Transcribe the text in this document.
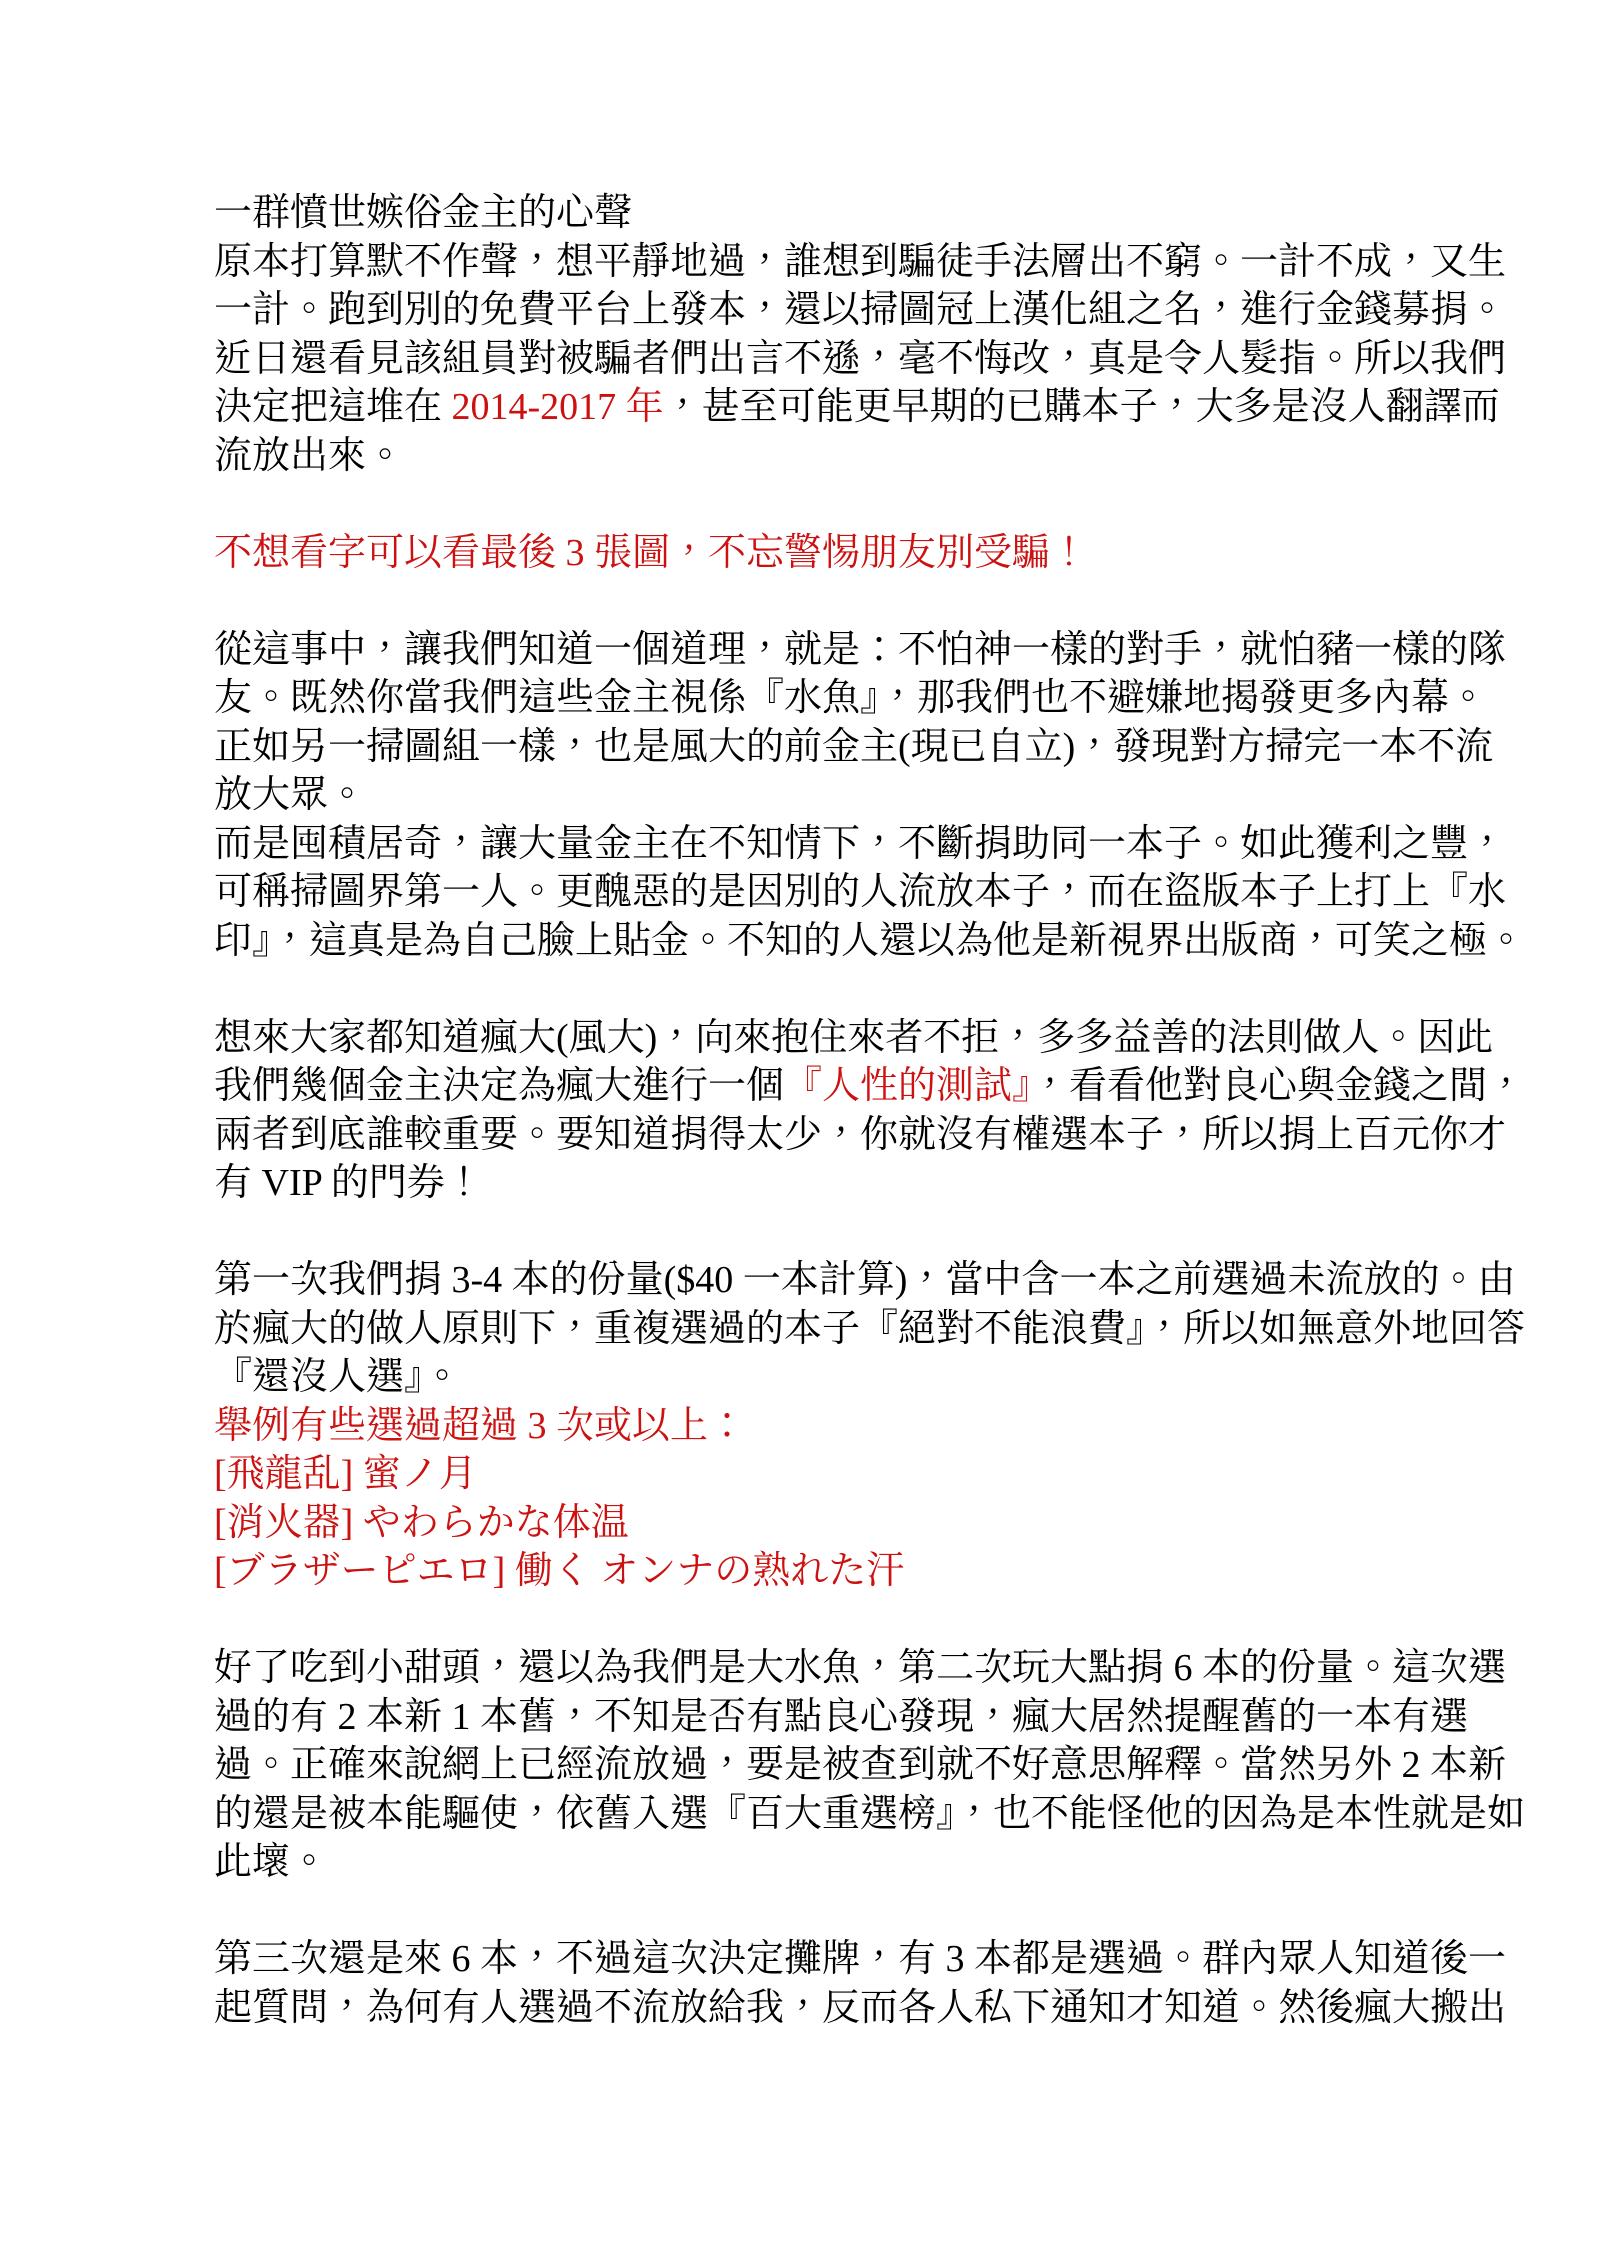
一群憤世嫉俗金主的心聲
原本打算默不作聲，想平靜地過，誰想到騙徒手法層出不窮。一計不成，又生
一計。跑到別的免費平台上發本，還以掃圖冠上漢化組之名，進行金錢募捐。
近日還看見該組員對被騙者們出言不遜，毫不悔改，真是令人髮指。所以我們
決定把這堆在 2014-2017 年，甚至可能更早期的已購本子，大多是沒人翻譯而
流放出來。

不想看字可以看最後 3 張圖，不忘警惕朋友別受騙！

從這事中，讓我們知道一個道理，就是：不怕神一樣的對手，就怕豬一樣的隊
友。既然你當我們這些金主視係『水魚』，那我們也不避嫌地揭發更多內幕。
正如另一掃圖組一樣，也是風大的前金主(現已自立)，發現對方掃完一本不流
放大眾。
而是囤積居奇，讓大量金主在不知情下，不斷捐助同一本子。如此獲利之豐，
可稱掃圖界第一人。更醜惡的是因別的人流放本子，而在盜版本子上打上『水
印』，這真是為自己臉上貼金。不知的人還以為他是新視界出版商，可笑之極。

想來大家都知道瘋大(風大)，向來抱住來者不拒，多多益善的法則做人。因此
我們幾個金主決定為瘋大進行一個『人性的測試』，看看他對良心與金錢之間，
兩者到底誰較重要。要知道捐得太少，你就沒有權選本子，所以捐上百元你才
有 VIP 的門券！

第一次我們捐 3-4 本的份量($40 一本計算)，當中含一本之前選過未流放的。由
於瘋大的做人原則下，重複選過的本子『絕對不能浪費』，所以如無意外地回答
『還沒人選』。
舉例有些選過超過 3 次或以上：
[飛龍乱] 蜜ノ月
[消火器] やわらかな体温
[ブラザーピエロ] 働く オンナの熟れた汗

好了吃到小甜頭，還以為我們是大水魚，第二次玩大點捐 6 本的份量。這次選
過的有 2 本新 1 本舊，不知是否有點良心發現，瘋大居然提醒舊的一本有選
過。正確來說網上已經流放過，要是被查到就不好意思解釋。當然另外 2 本新
的還是被本能驅使，依舊入選『百大重選榜』，也不能怪他的因為是本性就是如
此壞。

第三次還是來 6 本，不過這次決定攤牌，有 3 本都是選過。群內眾人知道後一
起質問，為何有人選過不流放給我，反而各人私下通知才知道。然後瘋大搬出
